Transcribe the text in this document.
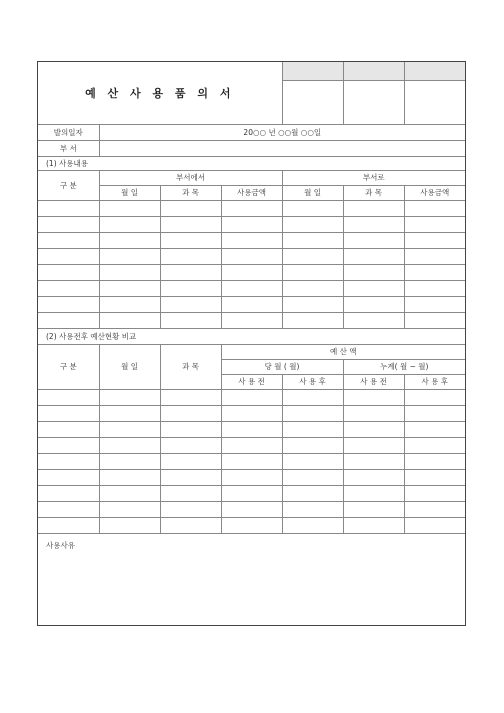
예 산 사 용 품 의 서						

발의일자	20○○ 년 ○○월 ○○일					
부 서						
(1) 사용내용						
구 분	부서에서			부서로		
	월 일	과 목	사용금액	월 일	과 목	사용금액

(2) 사용전후 예산현황 비교						
구 분	월 일	과 목	예 산 액			
			당 월 ( 월)		누계( 월 ~ 월)	
			사 용 전	사 용 후	사 용 전	사 용 후

사용사유						
